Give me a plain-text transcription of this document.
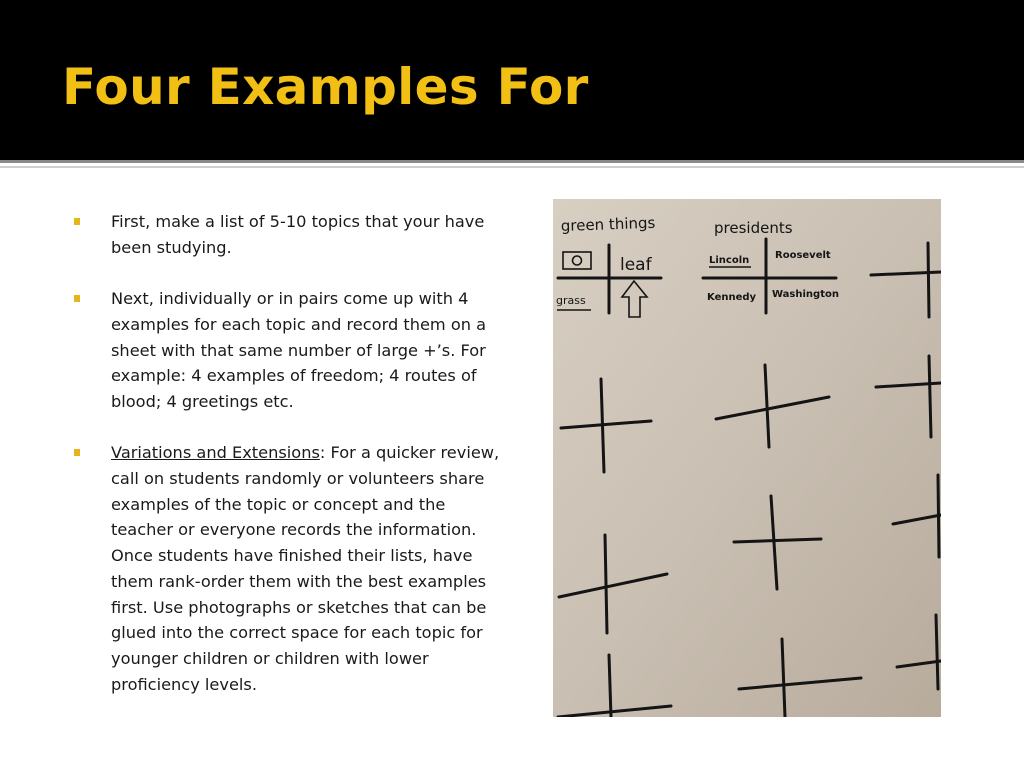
Four Examples For
First, make a list of 5-10 topics that your have been studying.
Next, individually or in pairs come up with 4 examples for each topic and record them on a sheet with that same number of large +’s. For example: 4 examples of freedom; 4 routes of blood; 4 greetings etc.
Variations and Extensions: For a quicker review, call on students randomly or volunteers share examples of the topic or concept and the teacher or everyone records the information. Once students have finished their lists, have them rank-order them with the best examples first. Use photographs or sketches that can be glued into the correct space for each topic for younger children or children with lower proficiency levels.
green things	presidents
leaf
grass
Lincoln	Roosevelt
Kennedy Washington
